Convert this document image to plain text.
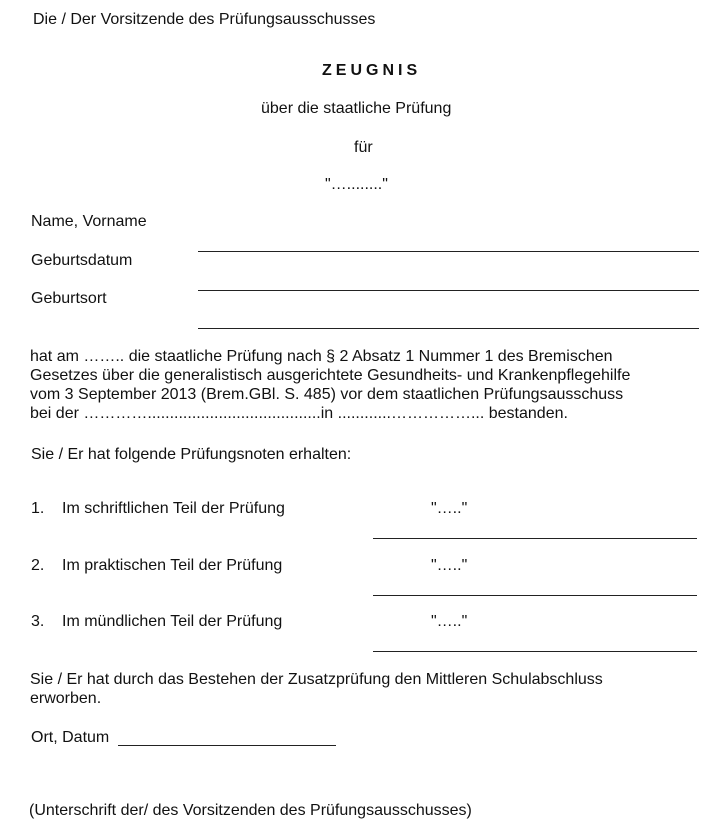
Die / Der Vorsitzende des Prüfungsausschusses
ZEUGNIS
über die staatliche Prüfung
für
"…........"
Name, Vorname
Geburtsdatum
Geburtsort
hat am …….. die staatliche Prüfung nach § 2 Absatz 1 Nummer 1 des Bremischen
Gesetzes über die generalistisch ausgerichtete Gesundheits- und Krankenpflegehilfe
vom 3 September 2013 (Brem.GBl. S. 485) vor dem staatlichen Prüfungsausschuss
bei der ………….......................................in ............……………... bestanden.
Sie / Er hat folgende Prüfungsnoten erhalten:
1. Im schriftlichen Teil der Prüfung	"….."
2. Im praktischen Teil der Prüfung	"….."
3. Im mündlichen Teil der Prüfung	"….."
Sie / Er hat durch das Bestehen der Zusatzprüfung den Mittleren Schulabschluss
erworben.
Ort, Datum
(Unterschrift der/ des Vorsitzenden des Prüfungsausschusses)
